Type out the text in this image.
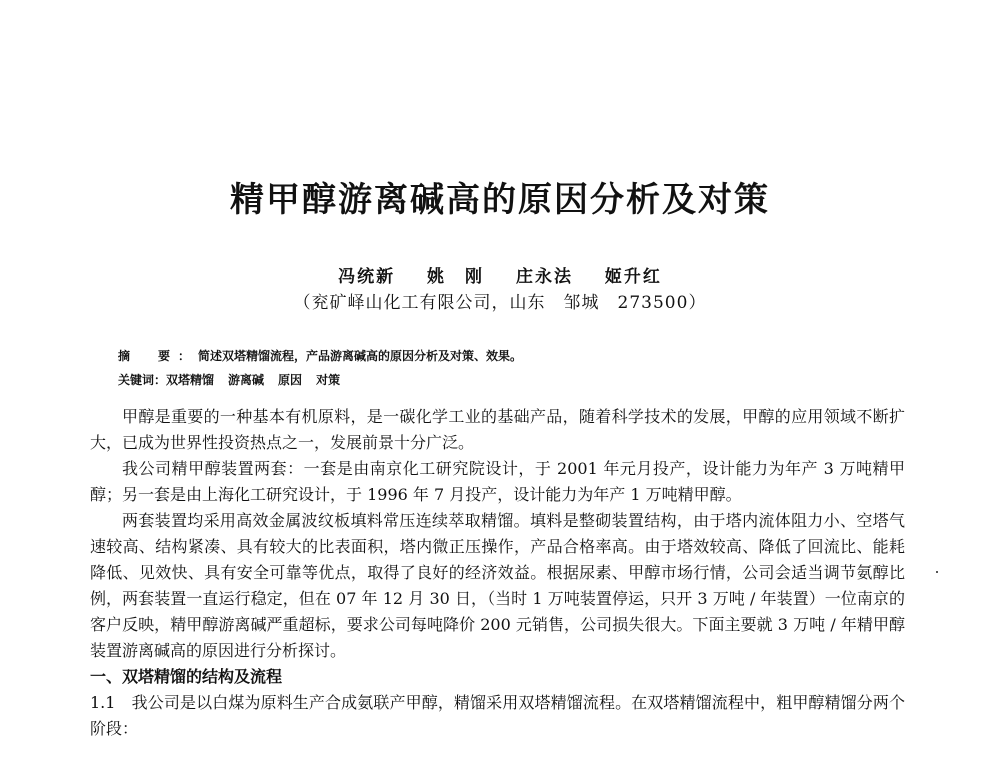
精甲醇游离碱高的原因分析及对策
冯统新 姚　刚 庄永法 姬升红
（兖矿峄山化工有限公司，山东　邹城　273500）
摘　要：简述双塔精馏流程，产品游离碱高的原因分析及对策、效果。
关键词：双塔精馏 游离碱 原因 对策

甲醇是重要的一种基本有机原料，是一碳化学工业的基础产品，随着科学技术的发展，甲醇的应用领域不断扩大，已成为世界性投资热点之一，发展前景十分广泛。

我公司精甲醇装置两套：一套是由南京化工研究院设计，于 2001 年元月投产，设计能力为年产 3 万吨精甲醇；另一套是由上海化工研究设计，于 1996 年 7 月投产，设计能力为年产 1 万吨精甲醇。

两套装置均采用高效金属波纹板填料常压连续萃取精馏。填料是整砌装置结构，由于塔内流体阻力小、空塔气速较高、结构紧凑、具有较大的比表面积，塔内微正压操作，产品合格率高。由于塔效较高、降低了回流比、能耗降低、见效快、具有安全可靠等优点，取得了良好的经济效益。根据尿素、甲醇市场行情，公司会适当调节氨醇比例，两套装置一直运行稳定，但在 07 年 12 月 30 日，（当时 1 万吨装置停运，只开 3 万吨 / 年装置）一位南京的客户反映，精甲醇游离碱严重超标，要求公司每吨降价 200 元销售，公司损失很大。下面主要就 3 万吨 / 年精甲醇装置游离碱高的原因进行分析探讨。

一、双塔精馏的结构及流程

1.1　我公司是以白煤为原料生产合成氨联产甲醇，精馏采用双塔精馏流程。在双塔精馏流程中，粗甲醇精馏分两个阶段：
